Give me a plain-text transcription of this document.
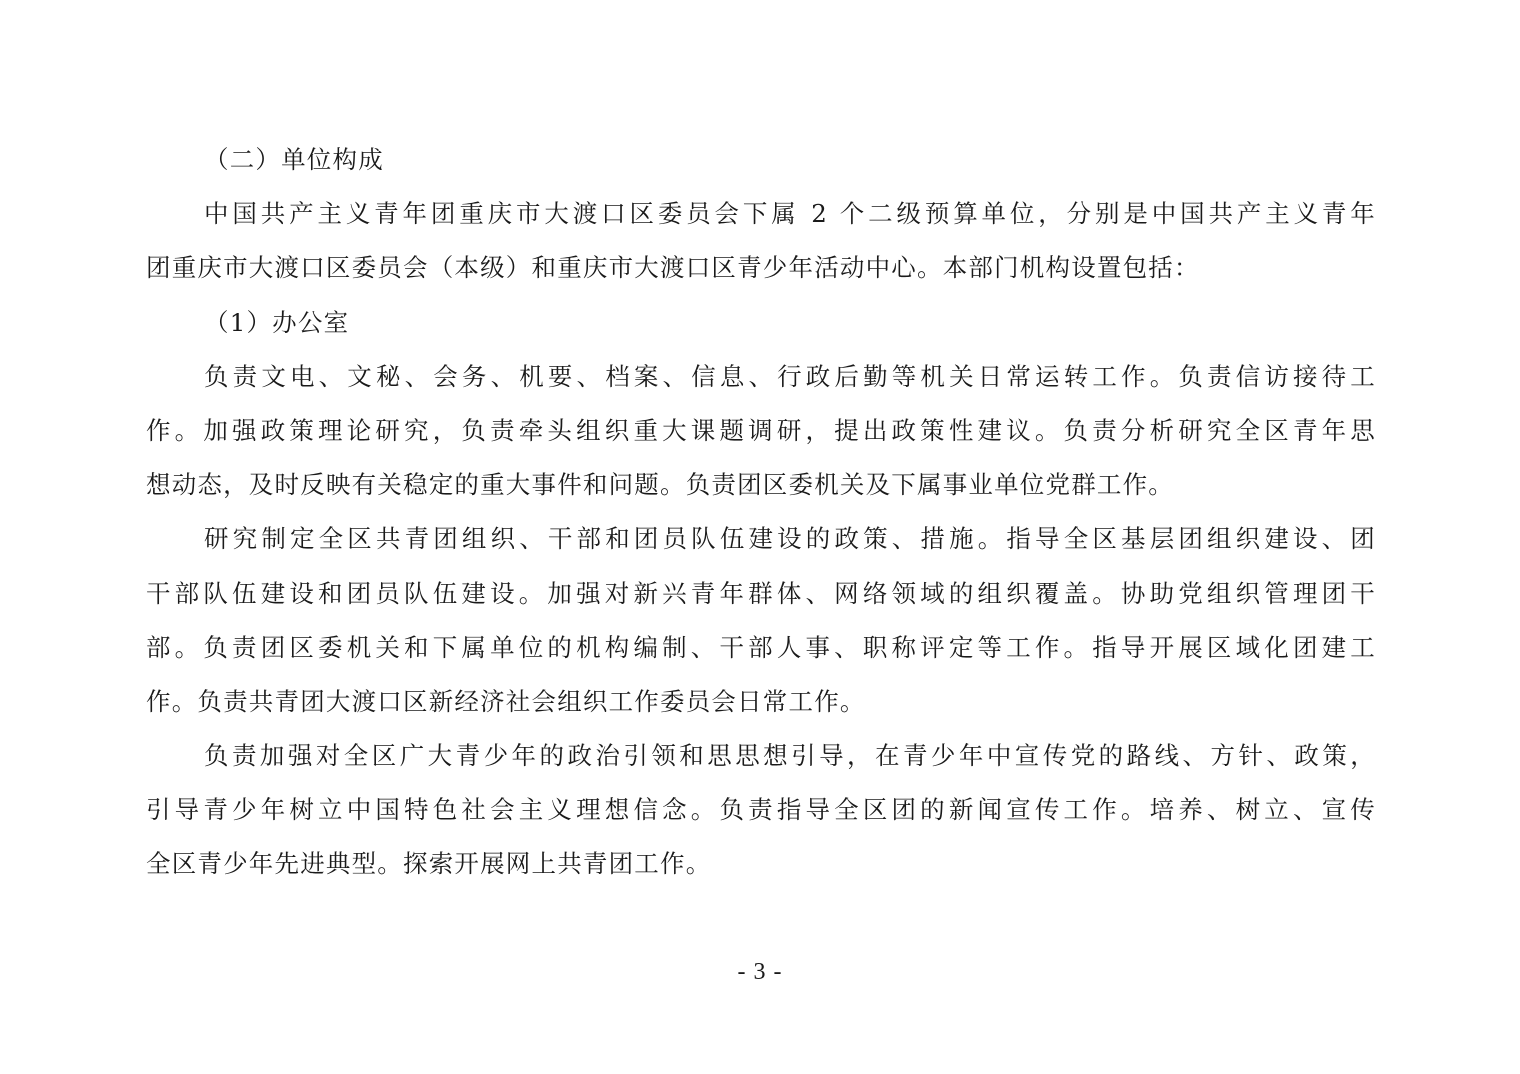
（二）单位构成
中国共产主义青年团重庆市大渡口区委员会下属 2 个二级预算单位，分别是中国共产主义青年
团重庆市大渡口区委员会（本级）和重庆市大渡口区青少年活动中心。本部门机构设置包括：
（1）办公室
负责文电、文秘、会务、机要、档案、信息、行政后勤等机关日常运转工作。负责信访接待工
作。加强政策理论研究，负责牵头组织重大课题调研，提出政策性建议。负责分析研究全区青年思
想动态，及时反映有关稳定的重大事件和问题。负责团区委机关及下属事业单位党群工作。
研究制定全区共青团组织、干部和团员队伍建设的政策、措施。指导全区基层团组织建设、团
干部队伍建设和团员队伍建设。加强对新兴青年群体、网络领域的组织覆盖。协助党组织管理团干
部。负责团区委机关和下属单位的机构编制、干部人事、职称评定等工作。指导开展区域化团建工
作。负责共青团大渡口区新经济社会组织工作委员会日常工作。
负责加强对全区广大青少年的政治引领和思思想引导，在青少年中宣传党的路线、方针、政策，
引导青少年树立中国特色社会主义理想信念。负责指导全区团的新闻宣传工作。培养、树立、宣传
全区青少年先进典型。探索开展网上共青团工作。
- 3 -
